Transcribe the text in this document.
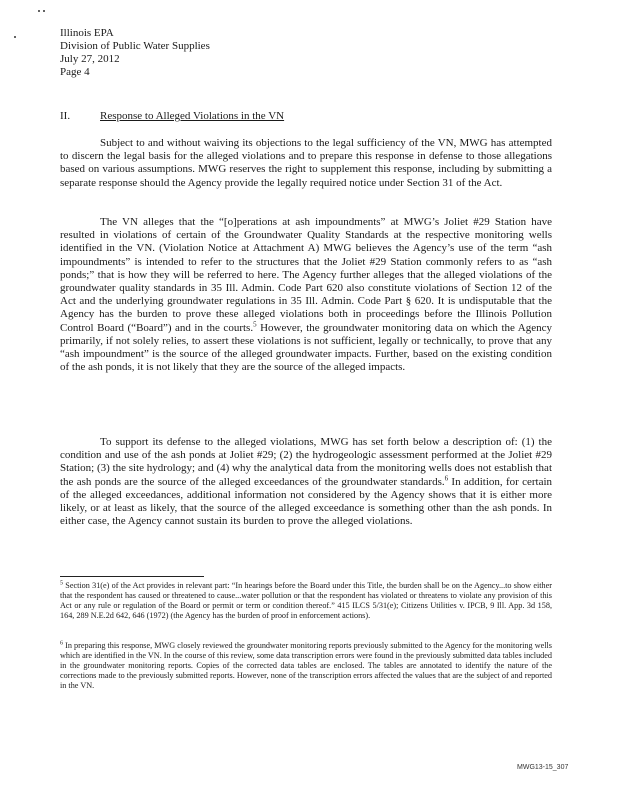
Illinois EPA
Division of Public Water Supplies
July 27, 2012
Page 4
II.	Response to Alleged Violations in the VN

Subject to and without waiving its objections to the legal sufficiency of the VN, MWG has attempted to discern the legal basis for the alleged violations and to prepare this response in defense to those allegations based on various assumptions. MWG reserves the right to supplement this response, including by submitting a separate response should the Agency provide the legally required notice under Section 31 of the Act.

The VN alleges that the “[o]perations at ash impoundments” at MWG’s Joliet #29 Station have resulted in violations of certain of the Groundwater Quality Standards at the respective monitoring wells identified in the VN. (Violation Notice at Attachment A) MWG believes the Agency’s use of the term “ash impoundments” is intended to refer to the structures that the Joliet #29 Station commonly refers to as “ash ponds;” that is how they will be referred to here. The Agency further alleges that the alleged violations of the groundwater quality standards in 35 Ill. Admin. Code Part 620 also constitute violations of Section 12 of the Act and the underlying groundwater regulations in 35 Ill. Admin. Code Part § 620. It is undisputable that the Agency has the burden to prove these alleged violations both in proceedings before the Illinois Pollution Control Board (“Board”) and in the courts.$^5$ However, the groundwater monitoring data on which the Agency primarily, if not solely relies, to assert these violations is not sufficient, legally or technically, to prove that any “ash impoundment” is the source of the alleged groundwater impacts. Further, based on the existing condition of the ash ponds, it is not likely that they are the source of the alleged impacts.

To support its defense to the alleged violations, MWG has set forth below a description of: (1) the condition and use of the ash ponds at Joliet #29; (2) the hydrogeologic assessment performed at the Joliet #29 Station; (3) the site hydrology; and (4) why the analytical data from the monitoring wells does not establish that the ash ponds are the source of the alleged exceedances of the groundwater standards.$^6$ In addition, for certain of the alleged exceedances, additional information not considered by the Agency shows that it is either more likely, or at least as likely, that the source of the alleged exceedance is something other than the ash ponds. In either case, the Agency cannot sustain its burden to prove the alleged violations.

$^5$ Section 31(e) of the Act provides in relevant part: “In hearings before the Board under this Title, the burden shall be on the Agency...to show either that the respondent has caused or threatened to cause...water pollution or that the respondent has violated or threatens to violate any provision of this Act or any rule or regulation of the Board or permit or term or condition thereof.” 415 ILCS 5/31(e); Citizens Utilities v. IPCB, 9 Ill. App. 3d 158, 164, 289 N.E.2d 642, 646 (1972) (the Agency has the burden of proof in enforcement actions).

$^6$ In preparing this response, MWG closely reviewed the groundwater monitoring reports previously submitted to the Agency for the monitoring wells which are identified in the VN. In the course of this review, some data transcription errors were found in the previously submitted data tables included in the groundwater monitoring reports. Copies of the corrected data tables are enclosed. The tables are annotated to identify the nature of the corrections made to the previously submitted reports. However, none of the transcription errors affected the values that are the subject of and reported in the VN.

MWG13-15_307
